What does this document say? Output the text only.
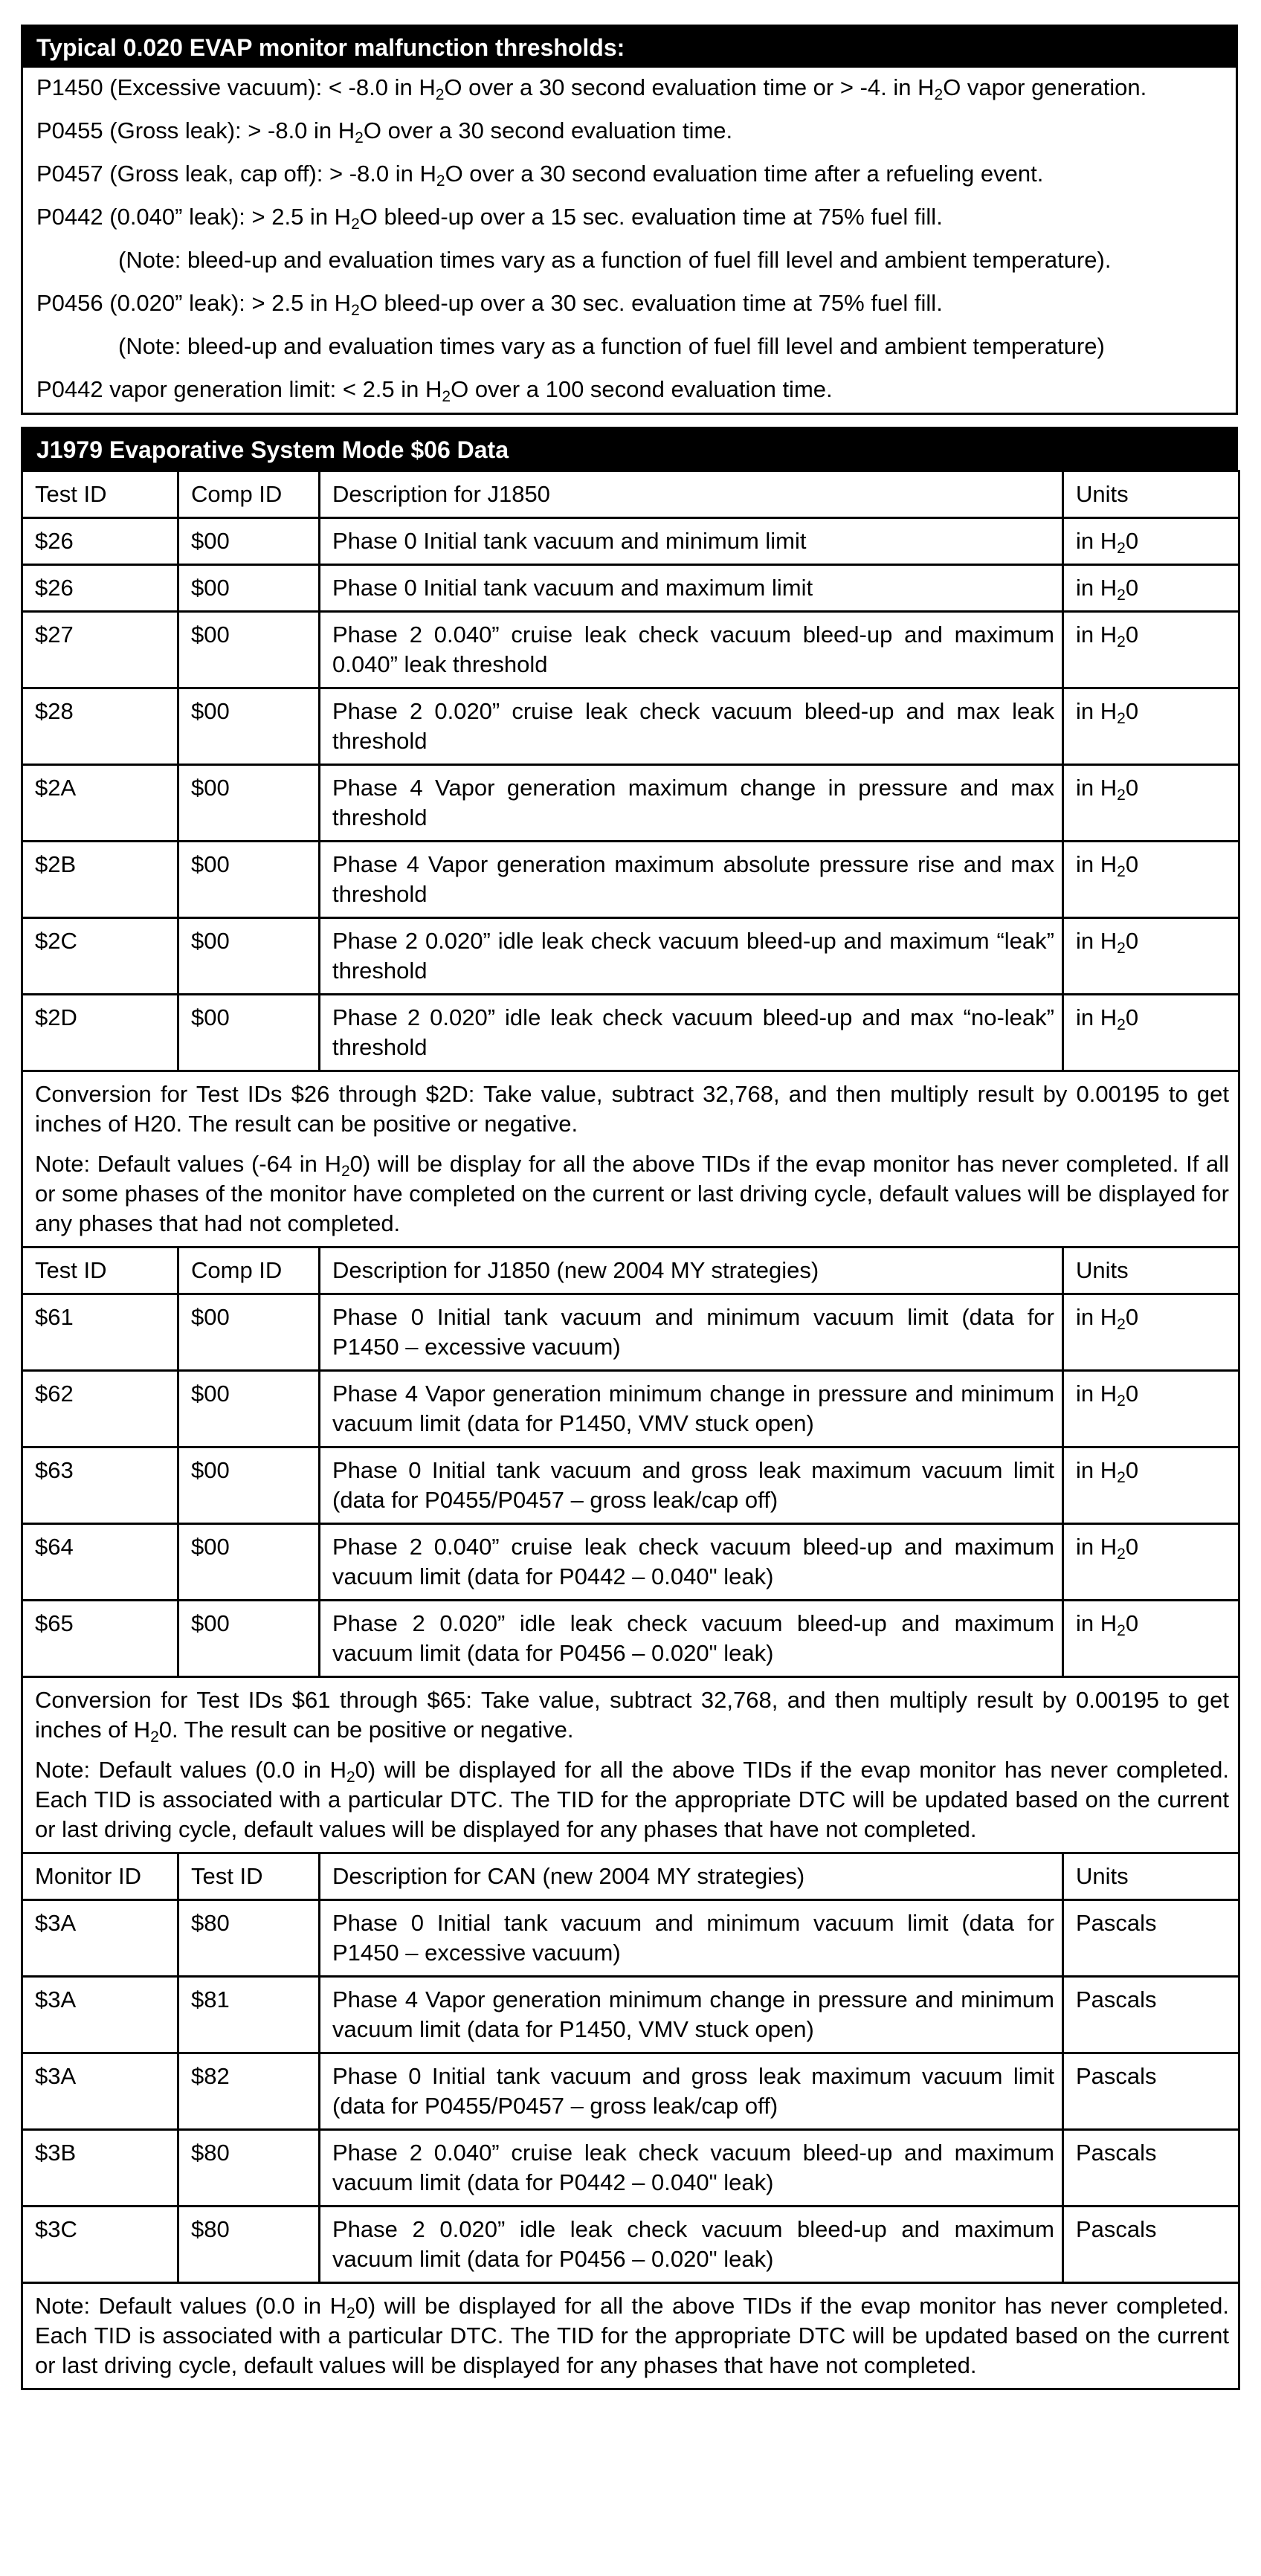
Typical 0.020 EVAP monitor malfunction thresholds:
P1450 (Excessive vacuum): < -8.0 in $H_2O$ over a 30 second evaluation time or > -4. in $H_2O$ vapor generation.
P0455 (Gross leak): > -8.0 in $H_2O$ over a 30 second evaluation time.
P0457 (Gross leak, cap off): > -8.0 in $H_2O$ over a 30 second evaluation time after a refueling event.
P0442 (0.040” leak): > 2.5 in $H_2O$ bleed-up over a 15 sec. evaluation time at 75% fuel fill.
(Note: bleed-up and evaluation times vary as a function of fuel fill level and ambient temperature).
P0456 (0.020” leak): > 2.5 in $H_2O$ bleed-up over a 30 sec. evaluation time at 75% fuel fill.
(Note: bleed-up and evaluation times vary as a function of fuel fill level and ambient temperature)
P0442 vapor generation limit: < 2.5 in $H_2O$ over a 100 second evaluation time.
J1979 Evaporative System Mode $06 Data
Test ID	Comp ID	Description for J1850	Units
$26	$00	Phase 0 Initial tank vacuum and minimum limit	in $H_20$
$26	$00	Phase 0 Initial tank vacuum and maximum limit	in $H_20$
$27	$00	Phase 2 0.040” cruise leak check vacuum bleed-up and maximum 0.040” leak threshold	in $H_20$
$28	$00	Phase 2 0.020” cruise leak check vacuum bleed-up and max leak threshold	in $H_20$
$2A	$00	Phase 4 Vapor generation maximum change in pressure and max threshold	in $H_20$
$2B	$00	Phase 4 Vapor generation maximum absolute pressure rise and max threshold	in $H_20$
$2C	$00	Phase 2 0.020” idle leak check vacuum bleed-up and maximum “leak” threshold	in $H_20$
$2D	$00	Phase 2 0.020” idle leak check vacuum bleed-up and max “no-leak” threshold	in $H_20$

Conversion for Test IDs $26 through $2D: Take value, subtract 32,768, and then multiply result by 0.00195 to get inches of H20. The result can be positive or negative.

Note: Default values (-64 in $H_20$) will be display for all the above TIDs if the evap monitor has never completed. If all or some phases of the monitor have completed on the current or last driving cycle, default values will be displayed for any phases that had not completed.			

Test ID	Comp ID	Description for J1850 (new 2004 MY strategies)	Units
$61	$00	Phase 0 Initial tank vacuum and minimum vacuum limit (data for P1450 – excessive vacuum)	in $H_20$
$62	$00	Phase 4 Vapor generation minimum change in pressure and minimum vacuum limit (data for P1450, VMV stuck open)	in $H_20$
$63	$00	Phase 0 Initial tank vacuum and gross leak maximum vacuum limit (data for P0455/P0457 – gross leak/cap off)	in $H_20$
$64	$00	Phase 2 0.040” cruise leak check vacuum bleed-up and maximum vacuum limit (data for P0442 – 0.040" leak)	in $H_20$
$65	$00	Phase 2 0.020” idle leak check vacuum bleed-up and maximum vacuum limit (data for P0456 – 0.020" leak)	in $H_20$

Conversion for Test IDs $61 through $65: Take value, subtract 32,768, and then multiply result by 0.00195 to get inches of $H_20$. The result can be positive or negative.

Note: Default values (0.0 in $H_20$) will be displayed for all the above TIDs if the evap monitor has never completed. Each TID is associated with a particular DTC. The TID for the appropriate DTC will be updated based on the current or last driving cycle, default values will be displayed for any phases that have not completed.			

Monitor ID	Test ID	Description for CAN (new 2004 MY strategies)	Units
$3A	$80	Phase 0 Initial tank vacuum and minimum vacuum limit (data for P1450 – excessive vacuum)	Pascals
$3A	$81	Phase 4 Vapor generation minimum change in pressure and minimum vacuum limit (data for P1450, VMV stuck open)	Pascals
$3A	$82	Phase 0 Initial tank vacuum and gross leak maximum vacuum limit (data for P0455/P0457 – gross leak/cap off)	Pascals
$3B	$80	Phase 2 0.040” cruise leak check vacuum bleed-up and maximum vacuum limit (data for P0442 – 0.040" leak)	Pascals
$3C	$80	Phase 2 0.020” idle leak check vacuum bleed-up and maximum vacuum limit (data for P0456 – 0.020" leak)	Pascals

Note: Default values (0.0 in $H_20$) will be displayed for all the above TIDs if the evap monitor has never completed. Each TID is associated with a particular DTC. The TID for the appropriate DTC will be updated based on the current or last driving cycle, default values will be displayed for any phases that have not completed.			
